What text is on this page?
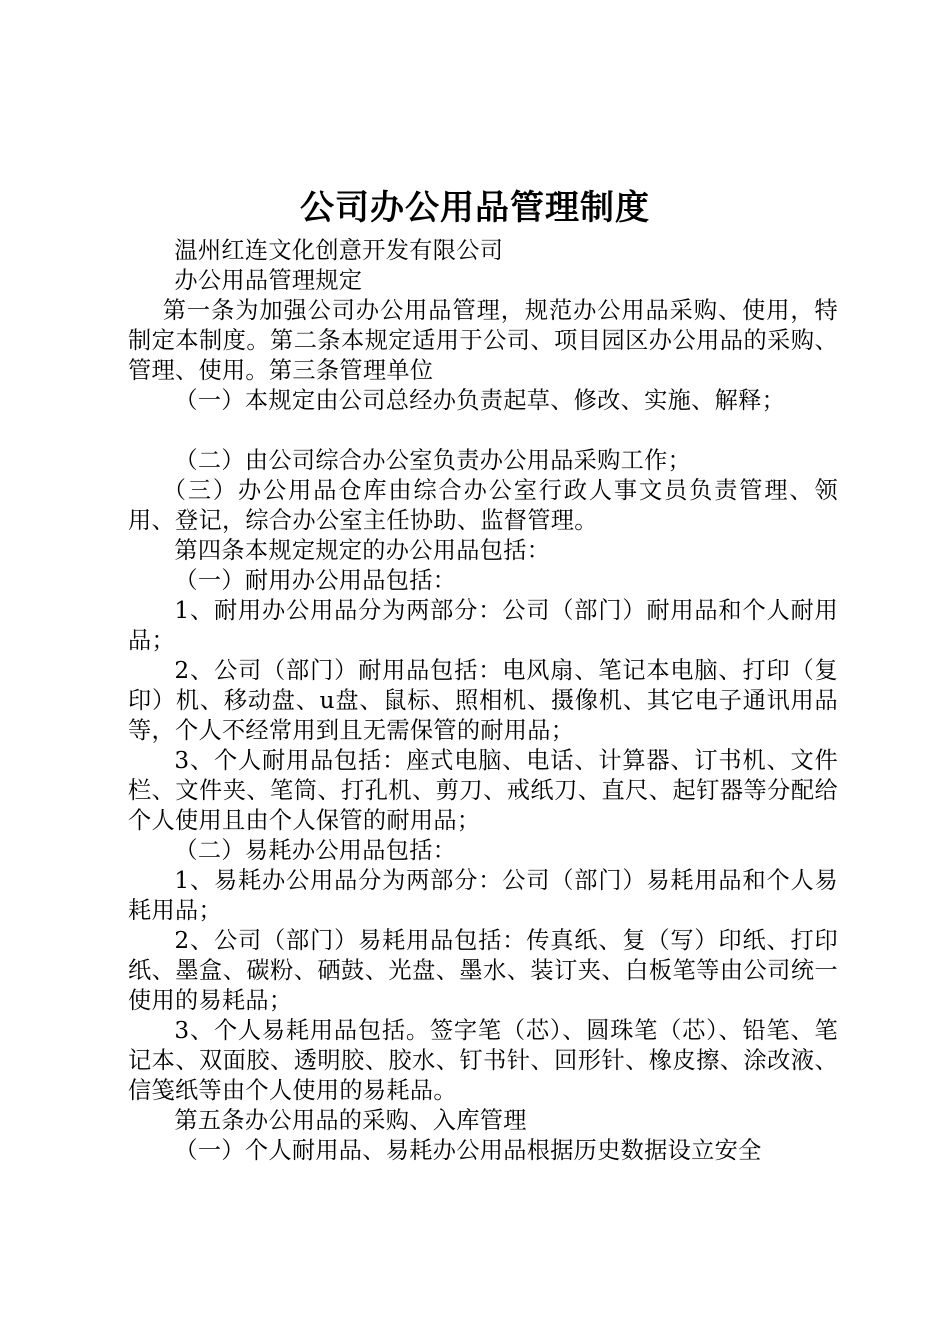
公司办公用品管理制度

温州红连文化创意开发有限公司

办公用品管理规定

第一条为加强公司办公用品管理，规范办公用品采购、使用，特制定本制度。第二条本规定适用于公司、项目园区办公用品的采购、管理、使用。第三条管理单位

（一）本规定由公司总经办负责起草、修改、实施、解释；

（二）由公司综合办公室负责办公用品采购工作；

（三）办公用品仓库由综合办公室行政人事文员负责管理、领用、登记，综合办公室主任协助、监督管理。

第四条本规定规定的办公用品包括：

（一）耐用办公用品包括：

1、耐用办公用品分为两部分：公司（部门）耐用品和个人耐用品；

2、公司（部门）耐用品包括：电风扇、笔记本电脑、打印（复印）机、移动盘、u盘、鼠标、照相机、摄像机、其它电子通讯用品等，个人不经常用到且无需保管的耐用品；

3、个人耐用品包括：座式电脑、电话、计算器、订书机、文件栏、文件夹、笔筒、打孔机、剪刀、戒纸刀、直尺、起钉器等分配给个人使用且由个人保管的耐用品；

（二）易耗办公用品包括：

1、易耗办公用品分为两部分：公司（部门）易耗用品和个人易耗用品；

2、公司（部门）易耗用品包括：传真纸、复（写）印纸、打印纸、墨盒、碳粉、硒鼓、光盘、墨水、装订夹、白板笔等由公司统一使用的易耗品；

3、个人易耗用品包括。签字笔（芯）、圆珠笔（芯）、铅笔、笔记本、双面胶、透明胶、胶水、钉书针、回形针、橡皮擦、涂改液、信笺纸等由个人使用的易耗品。

第五条办公用品的采购、入库管理

（一）个人耐用品、易耗办公用品根据历史数据设立安全
